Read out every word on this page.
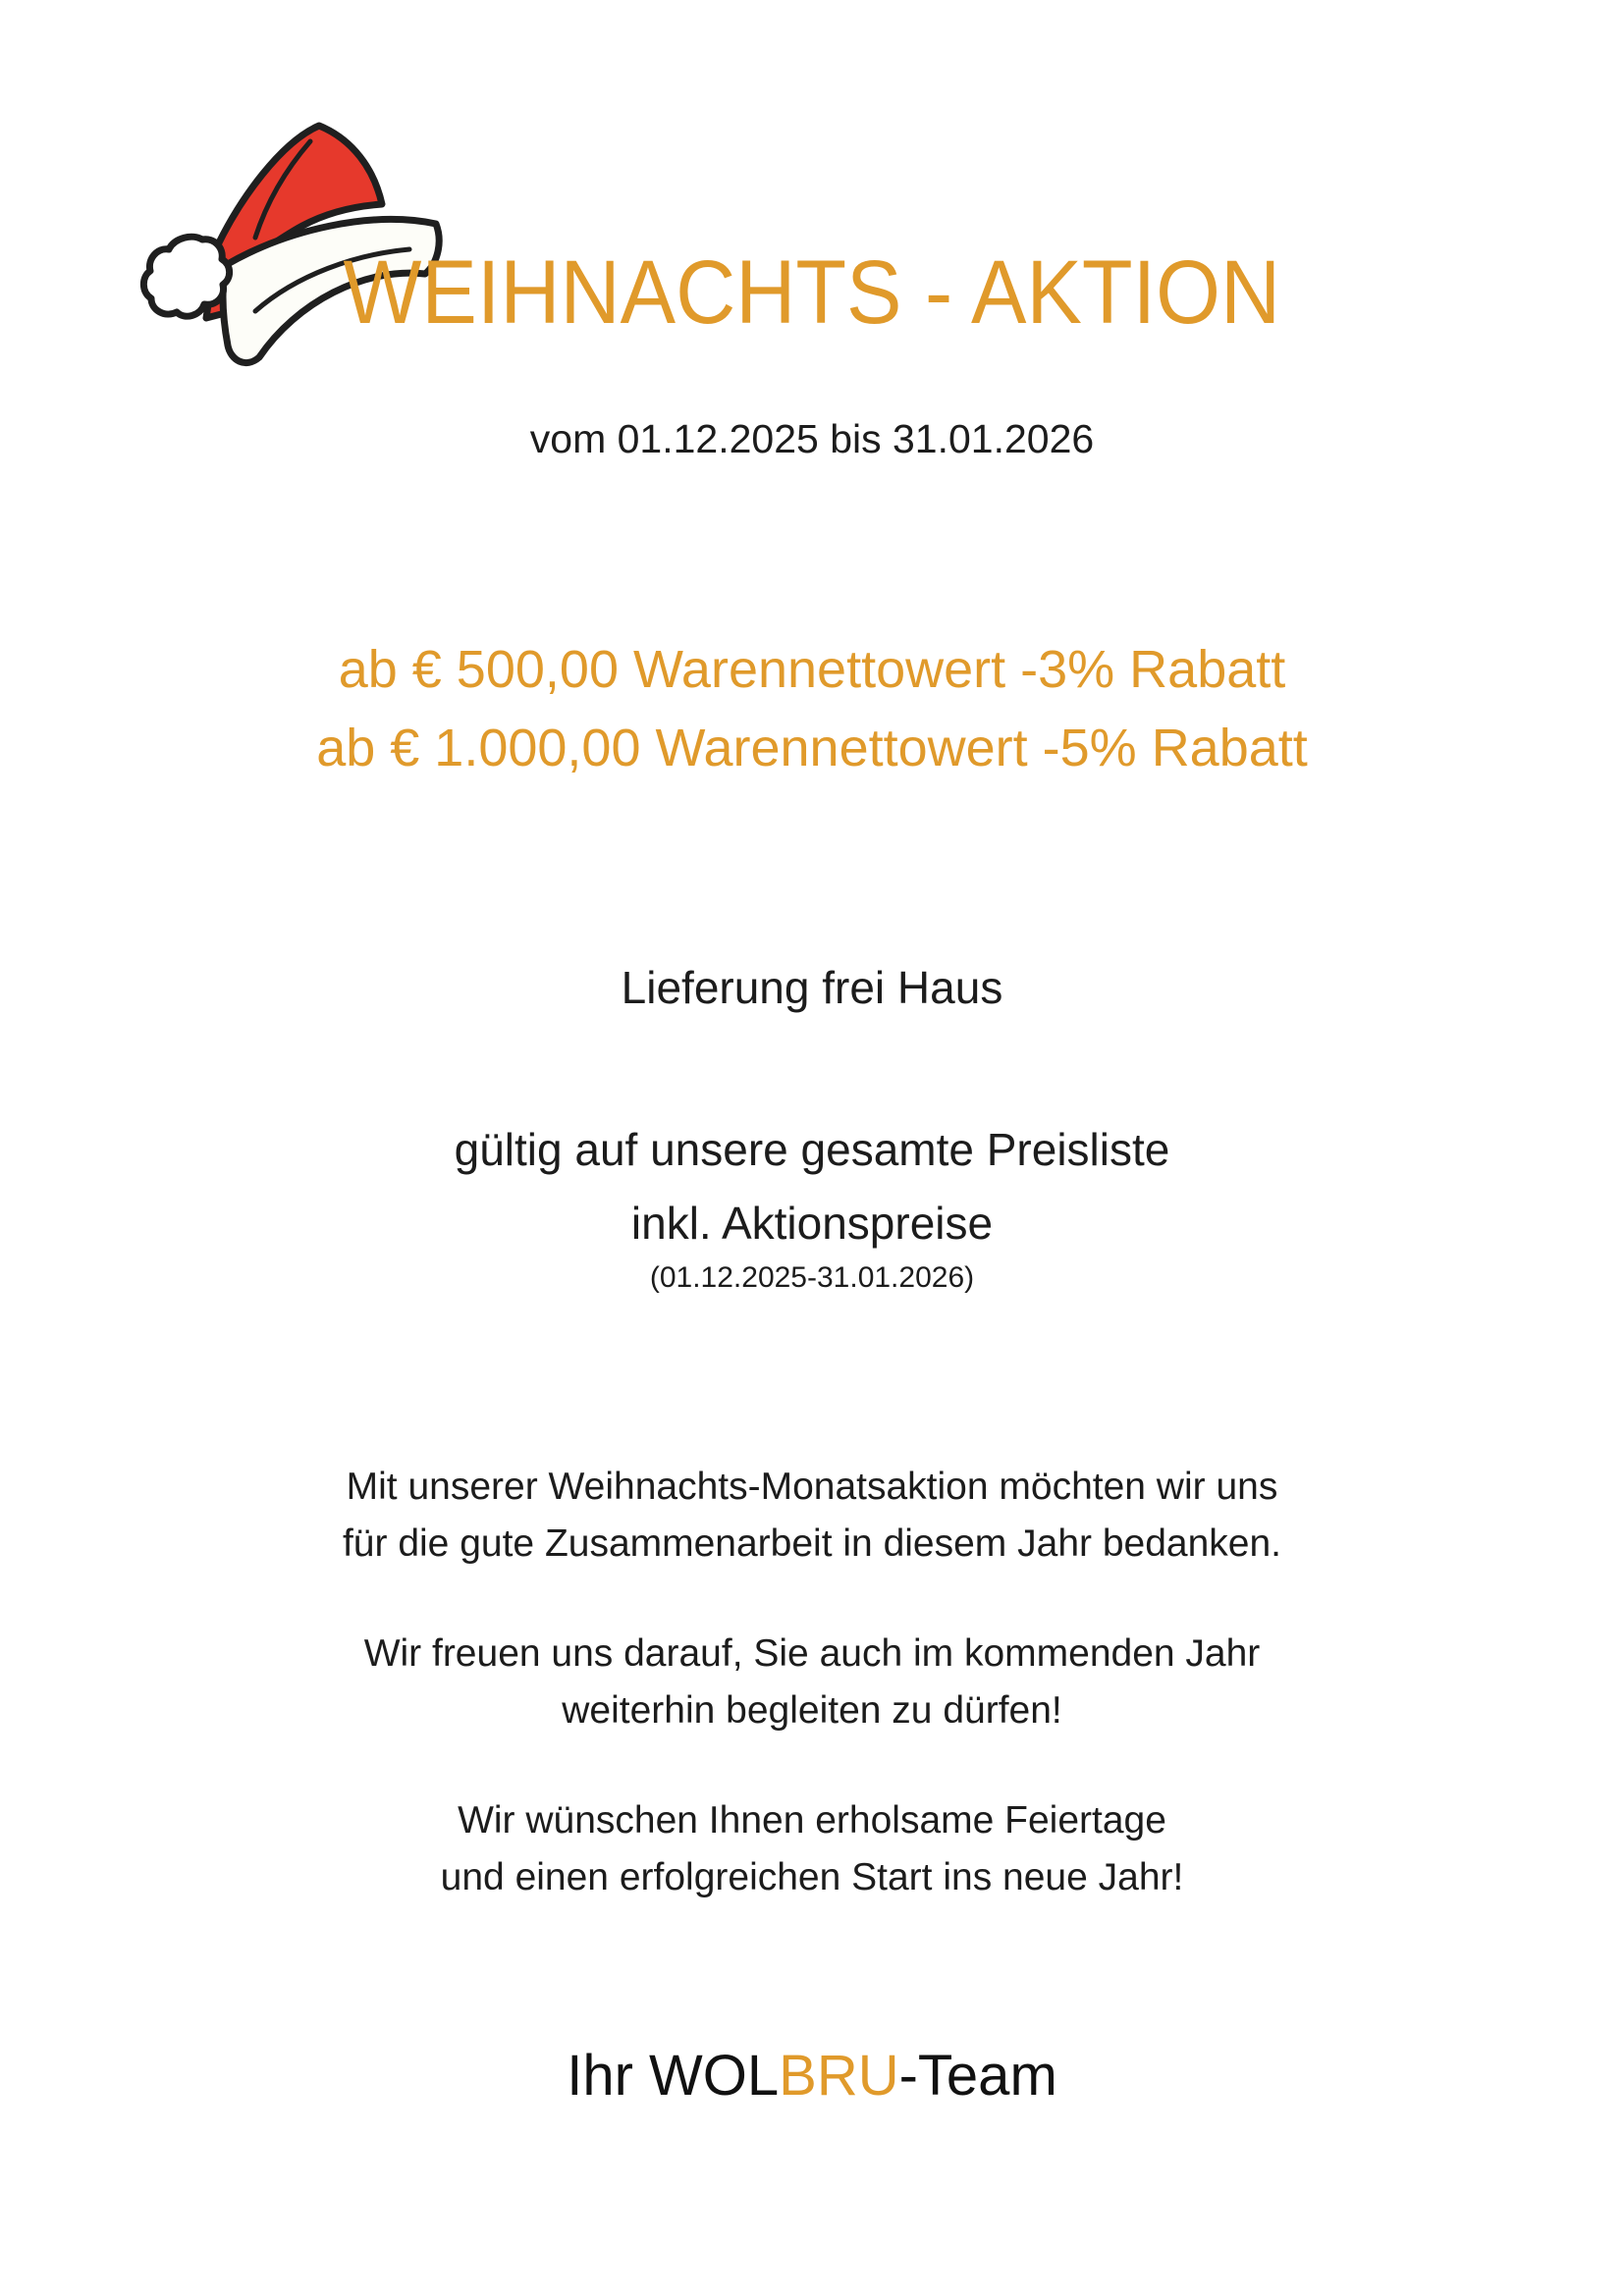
WEIHNACHTS - AKTION
vom 01.12.2025 bis 31.01.2026
ab € 500,00 Warennettowert -3% Rabatt
ab € 1.000,00 Warennettowert -5% Rabatt
Lieferung frei Haus
gültig auf unsere gesamte Preisliste
inkl. Aktionspreise
(01.12.2025-31.01.2026)
Mit unserer Weihnachts-Monatsaktion möchten wir uns
für die gute Zusammenarbeit in diesem Jahr bedanken.
Wir freuen uns darauf, Sie auch im kommenden Jahr
weiterhin begleiten zu dürfen!
Wir wünschen Ihnen erholsame Feiertage
und einen erfolgreichen Start ins neue Jahr!
Ihr WOLBRU-Team
